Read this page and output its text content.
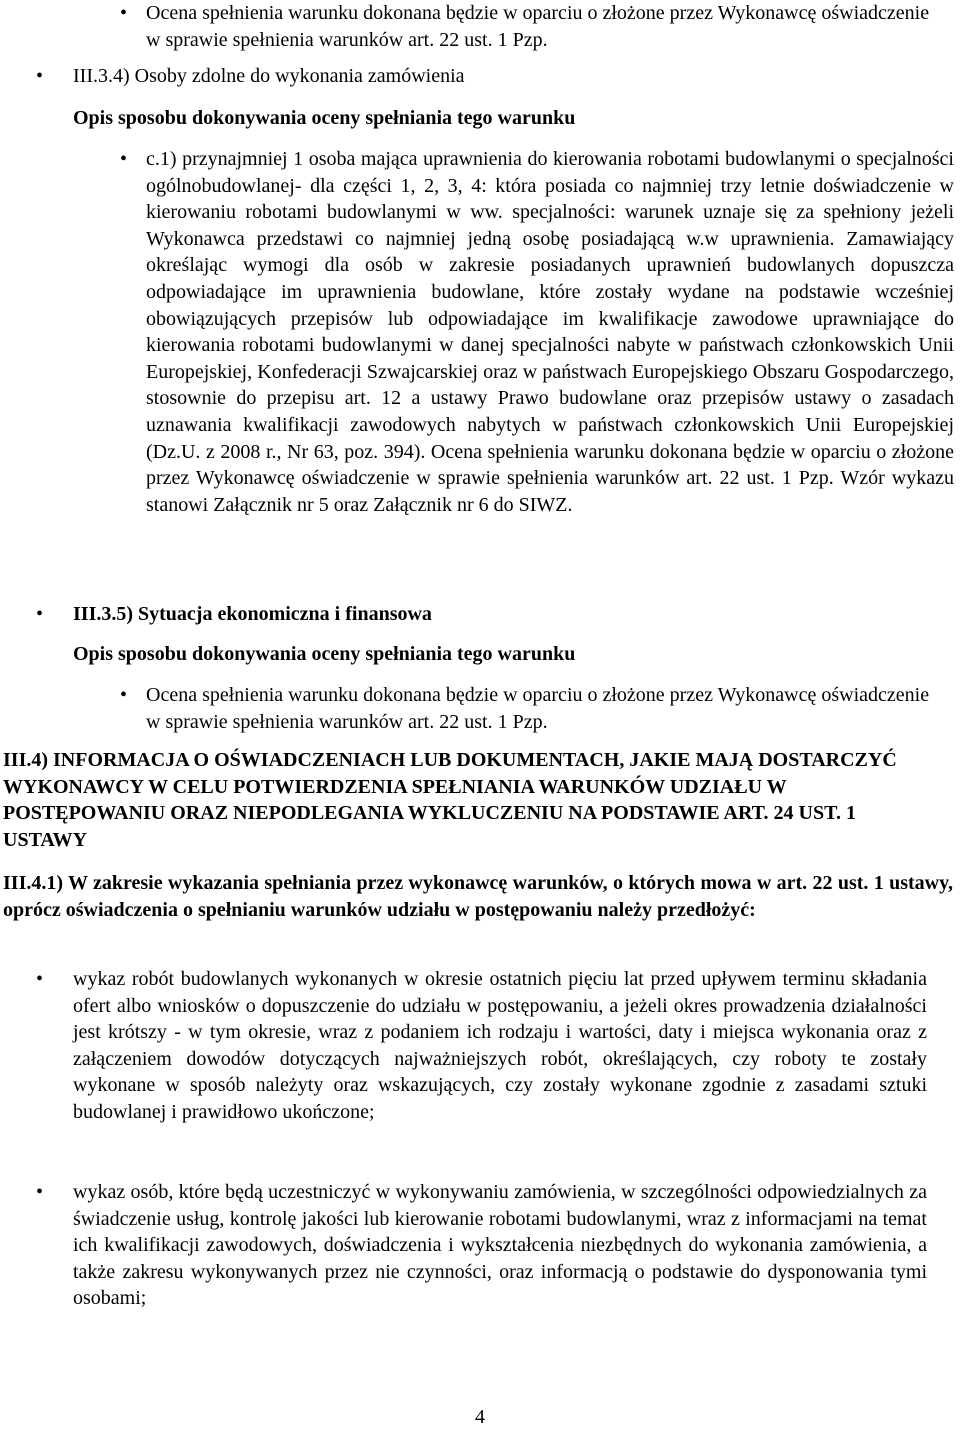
• Ocena spełnienia warunku dokonana będzie w oparciu o złożone przez Wykonawcę oświadczenie w sprawie spełnienia warunków art. 22 ust. 1 Pzp.

• III.3.4) Osoby zdolne do wykonania zamówienia

Opis sposobu dokonywania oceny spełniania tego warunku

• c.1) przynajmniej 1 osoba mająca uprawnienia do kierowania robotami budowlanymi o specjalności ogólnobudowlanej- dla części 1, 2, 3, 4: która posiada co najmniej trzy letnie doświadczenie w kierowaniu robotami budowlanymi w ww. specjalności: warunek uznaje się za spełniony jeżeli Wykonawca przedstawi co najmniej jedną osobę posiadającą w.w uprawnienia. Zamawiający określając wymogi dla osób w zakresie posiadanych uprawnień budowlanych dopuszcza odpowiadające im uprawnienia budowlane, które zostały wydane na podstawie wcześniej obowiązujących przepisów lub odpowiadające im kwalifikacje zawodowe uprawniające do kierowania robotami budowlanymi w danej specjalności nabyte w państwach członkowskich Unii Europejskiej, Konfederacji Szwajcarskiej oraz w państwach Europejskiego Obszaru Gospodarczego, stosownie do przepisu art. 12 a ustawy Prawo budowlane oraz przepisów ustawy o zasadach uznawania kwalifikacji zawodowych nabytych w państwach członkowskich Unii Europejskiej (Dz.U. z 2008 r., Nr 63, poz. 394). Ocena spełnienia warunku dokonana będzie w oparciu o złożone przez Wykonawcę oświadczenie w sprawie spełnienia warunków art. 22 ust. 1 Pzp. Wzór wykazu stanowi Załącznik nr 5 oraz Załącznik nr 6 do SIWZ.

• III.3.5) Sytuacja ekonomiczna i finansowa

Opis sposobu dokonywania oceny spełniania tego warunku

• Ocena spełnienia warunku dokonana będzie w oparciu o złożone przez Wykonawcę oświadczenie w sprawie spełnienia warunków art. 22 ust. 1 Pzp.

III.4) INFORMACJA O OŚWIADCZENIACH LUB DOKUMENTACH, JAKIE MAJĄ DOSTARCZYĆ WYKONAWCY W CELU POTWIERDZENIA SPEŁNIANIA WARUNKÓW UDZIAŁU W POSTĘPOWANIU ORAZ NIEPODLEGANIA WYKLUCZENIU NA PODSTAWIE ART. 24 UST. 1 USTAWY

III.4.1) W zakresie wykazania spełniania przez wykonawcę warunków, o których mowa w art. 22 ust. 1 ustawy, oprócz oświadczenia o spełnianiu warunków udziału w postępowaniu należy przedłożyć:

• wykaz robót budowlanych wykonanych w okresie ostatnich pięciu lat przed upływem terminu składania ofert albo wniosków o dopuszczenie do udziału w postępowaniu, a jeżeli okres prowadzenia działalności jest krótszy - w tym okresie, wraz z podaniem ich rodzaju i wartości, daty i miejsca wykonania oraz z załączeniem dowodów dotyczących najważniejszych robót, określających, czy roboty te zostały wykonane w sposób należyty oraz wskazujących, czy zostały wykonane zgodnie z zasadami sztuki budowlanej i prawidłowo ukończone;

• wykaz osób, które będą uczestniczyć w wykonywaniu zamówienia, w szczególności odpowiedzialnych za świadczenie usług, kontrolę jakości lub kierowanie robotami budowlanymi, wraz z informacjami na temat ich kwalifikacji zawodowych, doświadczenia i wykształcenia niezbędnych do wykonania zamówienia, a także zakresu wykonywanych przez nie czynności, oraz informacją o podstawie do dysponowania tymi osobami;

4
